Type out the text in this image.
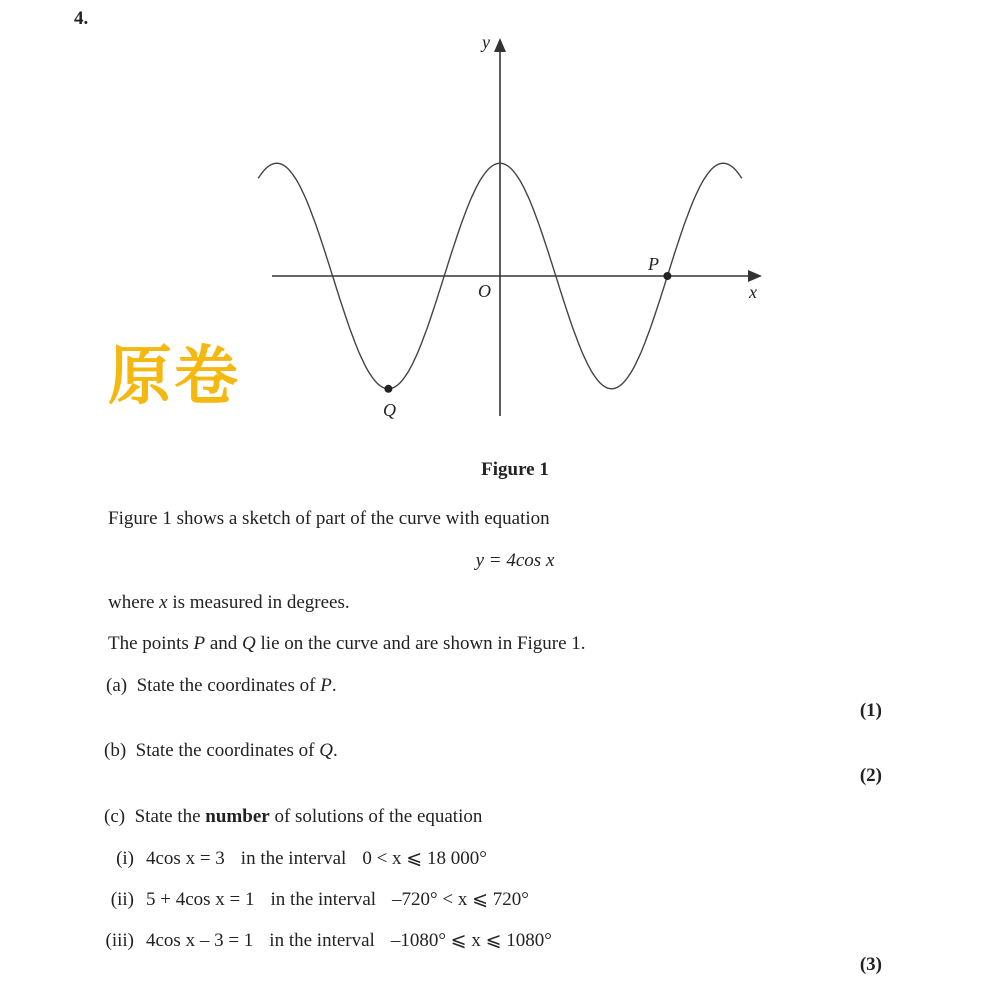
4.
x
y
O
P
Q
原卷
Figure 1
Figure 1 shows a sketch of part of the curve with equation
y = 4cos x
where x is measured in degrees.
The points P and Q lie on the curve and are shown in Figure 1.
(a) State the coordinates of P.
(1)
(b) State the coordinates of Q.
(2)
(c) State the number of solutions of the equation
(i) 4cos x = 3 in the interval 0 < x ⩽ 18 000°
(ii) 5 + 4cos x = 1 in the interval –720° < x ⩽ 720°
(iii) 4cos x – 3 = 1 in the interval –1080° ⩽ x ⩽ 1080°
(3)
